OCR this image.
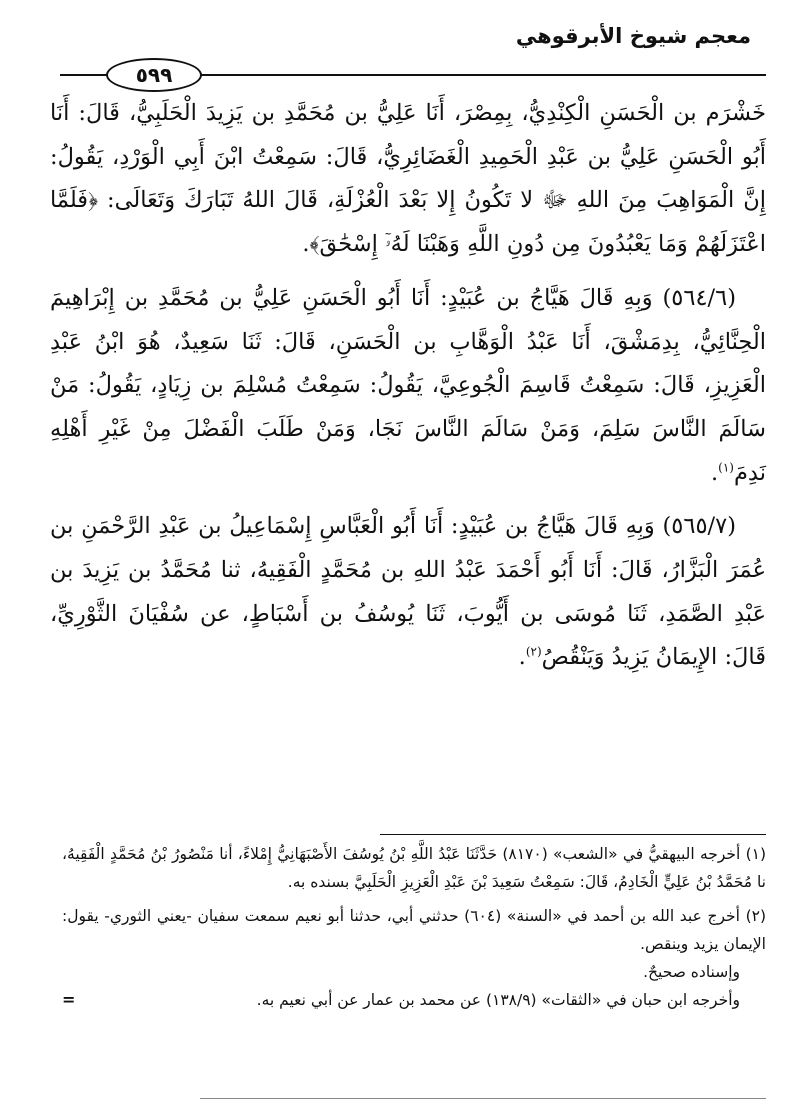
معجم شيوخ الأبرقوهي
٥٩٩

خَشْرَم بن الْحَسَنِ الْكِنْدِيُّ، بِمِصْرَ، أَنَا عَلِيُّ بن مُحَمَّدِ بن يَزِيدَ الْحَلَبِيُّ، قَالَ: أَنَا أَبُو الْحَسَنِ عَلِيُّ بن عَبْدِ الْحَمِيدِ الْغَضَائِرِيُّ، قَالَ: سَمِعْتُ ابْنَ أَبِي الْوَرْدِ، يَقُولُ: إِنَّ الْمَوَاهِبَ مِنَ اللهِ ﷻ لا تَكُونُ إِلا بَعْدَ الْعُزْلَةِ، قَالَ اللهُ تَبَارَكَ وَتَعَالَى: ﴿فَلَمَّا اعْتَزَلَهُمْ وَمَا يَعْبُدُونَ مِن دُونِ اللَّهِ وَهَبْنَا لَهُۥٓ إِسْحَٰقَ﴾.

(٥٦٤/٦) وَبِهِ قَالَ هَيَّاجُ بن عُبَيْدٍ: أَنَا أَبُو الْحَسَنِ عَلِيُّ بن مُحَمَّدِ بن إِبْرَاهِيمَ الْحِنَّائِيُّ، بِدِمَشْقَ، أَنَا عَبْدُ الْوَهَّابِ بن الْحَسَنِ، قَالَ: ثَنَا سَعِيدٌ، هُوَ ابْنُ عَبْدِ الْعَزِيزِ، قَالَ: سَمِعْتُ قَاسِمَ الْجُوعِيَّ، يَقُولُ: سَمِعْتُ مُسْلِمَ بن زِيَادٍ، يَقُولُ: مَنْ سَالَمَ النَّاسَ سَلِمَ، وَمَنْ سَالَمَ النَّاسَ نَجَا، وَمَنْ طَلَبَ الْفَضْلَ مِنْ غَيْرِ أَهْلِهِ نَدِمَ$^{(١)}$.

(٥٦٥/٧) وَبِهِ قَالَ هَيَّاجُ بن عُبَيْدٍ: أَنَا أَبُو الْعَبَّاسِ إِسْمَاعِيلُ بن عَبْدِ الرَّحْمَنِ بن عُمَرَ الْبَزَّارُ، قَالَ: أَنَا أَبُو أَحْمَدَ عَبْدُ اللهِ بن مُحَمَّدٍ الْفَقِيهُ، ثنا مُحَمَّدُ بن يَزِيدَ بن عَبْدِ الصَّمَدِ، ثَنَا مُوسَى بن أَيُّوبَ، ثَنَا يُوسُفُ بن أَسْبَاطٍ، عن سُفْيَانَ الثَّوْرِيِّ، قَالَ: الإِيمَانُ يَزِيدُ وَيَنْقُصُ$^{(٢)}$.

(١) أخرجه البيهقيُّ في «الشعب» (٨١٧٠) حَدَّثَنَا عَبْدُ اللَّهِ بْنُ يُوسُفَ الأَصْبَهَانِيُّ إِمْلاءً، أنا مَنْصُورُ بْنُ مُحَمَّدٍ الْفَقِيهُ، نا مُحَمَّدُ بْنُ عَلِيٍّ الْخَادِمُ، قَالَ: سَمِعْتُ سَعِيدَ بْنَ عَبْدِ الْعَزِيزِ الْحَلَبِيَّ بسنده به.

(٢) أخرج عبد الله بن أحمد في «السنة» (٦٠٤) حدثني أبي، حدثنا أبو نعيم سمعت سفيان -يعني الثوري- يقول: الإيمان يزيد وينقص.

وإسناده صحيحٌ.

وأخرجه ابن حبان في «الثقات» (١٣٨/٩) عن محمد بن عمار عن أبي نعيم به.
=
